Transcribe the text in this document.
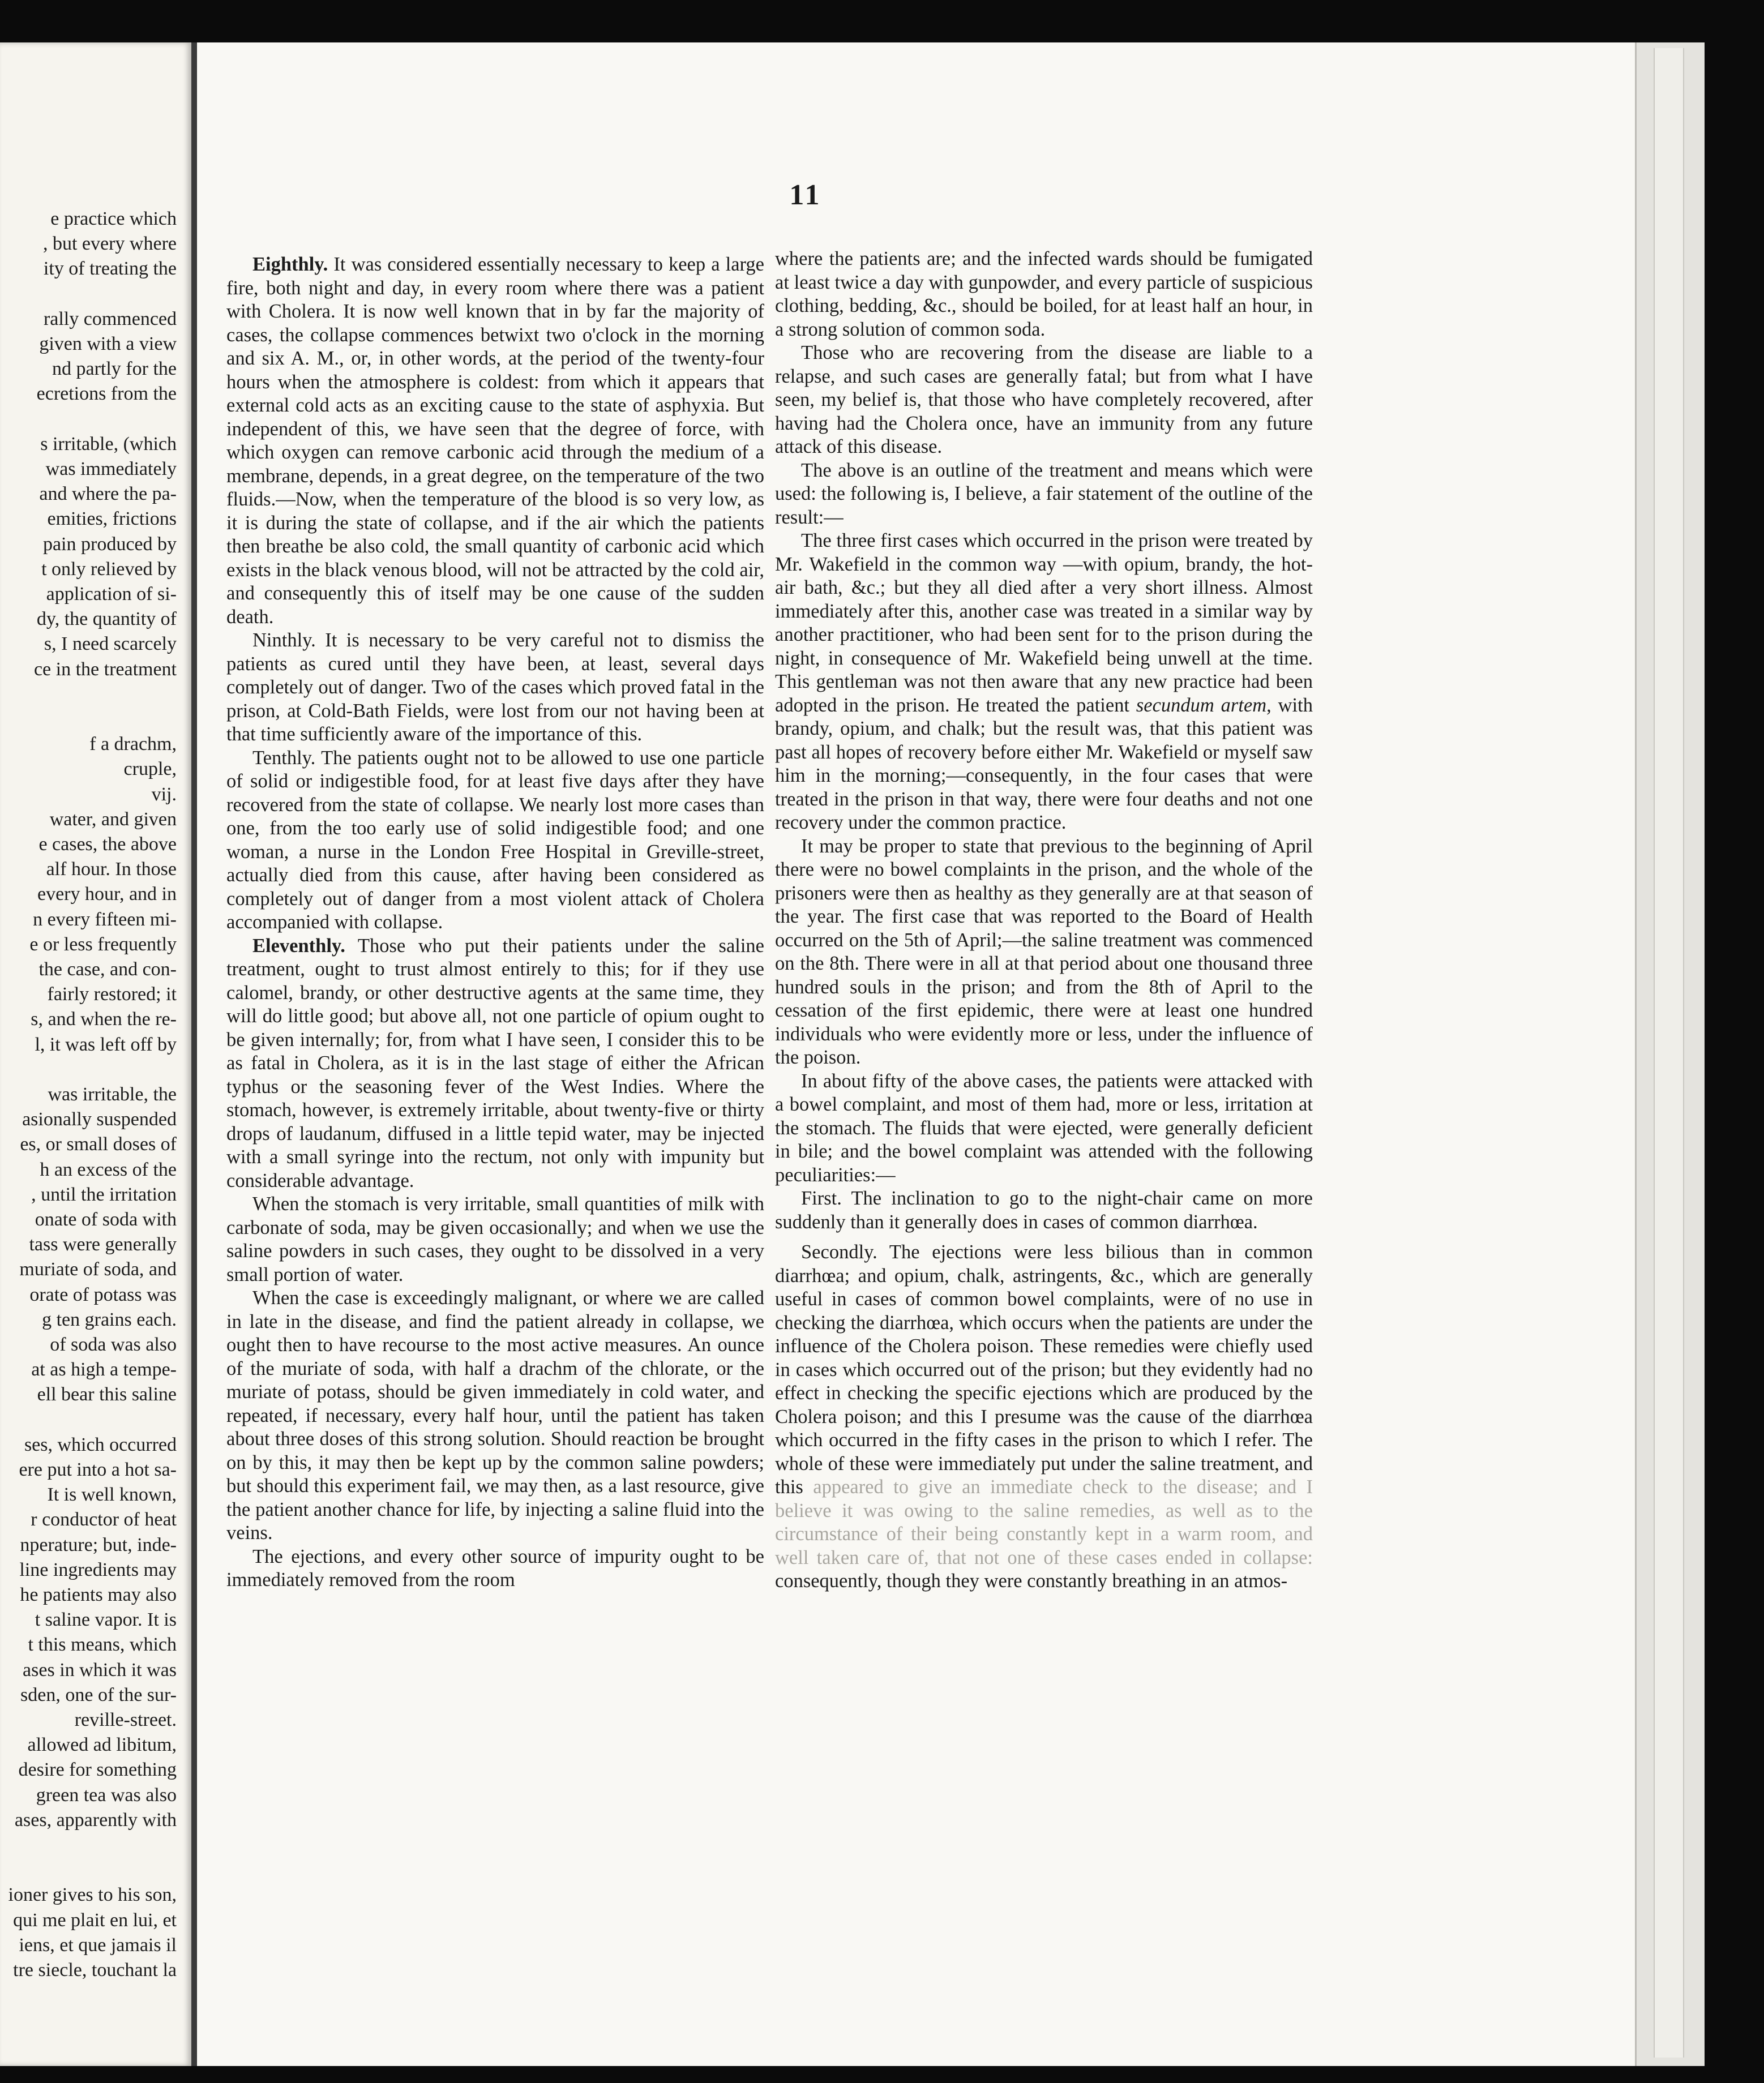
e practice which
, but every where
ity of treating the
rally commenced
given with a view
nd partly for the
ecretions from the
s irritable, (which
was immediately
and where the pa-
emities, frictions
pain produced by
t only relieved by
application of si-
dy, the quantity of
s, I need scarcely
ce in the treatment
f a drachm,
cruple,
vij.
water, and given
e cases, the above
alf hour. In those
every hour, and in
n every fifteen mi-
e or less frequently
the case, and con-
fairly restored; it
s, and when the re-
l, it was left off by
was irritable, the
asionally suspended
es, or small doses of
h an excess of the
, until the irritation
onate of soda with
tass were generally
muriate of soda, and
orate of potass was
g ten grains each.
of soda was also
at as high a tempe-
ell bear this saline
ses, which occurred
ere put into a hot sa-
It is well known,
r conductor of heat
nperature; but, inde-
line ingredients may
he patients may also
t saline vapor. It is
t this means, which
ases in which it was
sden, one of the sur-
reville-street.
allowed ad libitum,
desire for something
green tea was also
ases, apparently with
ioner gives to his son,
qui me plait en lui, et
iens, et que jamais il
tre siecle, touchant la
11

Eighthly. It was considered essentially necessary to keep a large fire, both night and day, in every room where there was a patient with Cholera. It is now well known that in by far the majority of cases, the collapse commences betwixt two o'clock in the morning and six A. M., or, in other words, at the period of the twenty-four hours when the atmosphere is coldest: from which it appears that external cold acts as an exciting cause to the state of asphyxia. But independent of this, we have seen that the degree of force, with which oxygen can remove carbonic acid through the medium of a membrane, depends, in a great degree, on the temperature of the two fluids.—Now, when the temperature of the blood is so very low, as it is during the state of collapse, and if the air which the patients then breathe be also cold, the small quantity of carbonic acid which exists in the black venous blood, will not be attracted by the cold air, and consequently this of itself may be one cause of the sudden death.

Ninthly. It is necessary to be very careful not to dismiss the patients as cured until they have been, at least, several days completely out of danger. Two of the cases which proved fatal in the prison, at Cold-Bath Fields, were lost from our not having been at that time sufficiently aware of the importance of this.

Tenthly. The patients ought not to be allowed to use one particle of solid or indigestible food, for at least five days after they have recovered from the state of collapse. We nearly lost more cases than one, from the too early use of solid indigestible food; and one woman, a nurse in the London Free Hospital in Greville-street, actually died from this cause, after having been considered as completely out of danger from a most violent attack of Cholera accompanied with collapse.

Eleventhly. Those who put their patients under the saline treatment, ought to trust almost entirely to this; for if they use calomel, brandy, or other destructive agents at the same time, they will do little good; but above all, not one particle of opium ought to be given internally; for, from what I have seen, I consider this to be as fatal in Cholera, as it is in the last stage of either the African typhus or the seasoning fever of the West Indies. Where the stomach, however, is extremely irritable, about twenty-five or thirty drops of laudanum, diffused in a little tepid water, may be injected with a small syringe into the rectum, not only with impunity but considerable advantage.

When the stomach is very irritable, small quantities of milk with carbonate of soda, may be given occasionally; and when we use the saline powders in such cases, they ought to be dissolved in a very small portion of water.

When the case is exceedingly malignant, or where we are called in late in the disease, and find the patient already in collapse, we ought then to have recourse to the most active measures. An ounce of the muriate of soda, with half a drachm of the chlorate, or the muriate of potass, should be given immediately in cold water, and repeated, if necessary, every half hour, until the patient has taken about three doses of this strong solution. Should reaction be brought on by this, it may then be kept up by the common saline powders; but should this experiment fail, we may then, as a last resource, give the patient another chance for life, by injecting a saline fluid into the veins.

The ejections, and every other source of impurity ought to be immediately removed from the room

where the patients are; and the infected wards should be fumigated at least twice a day with gunpowder, and every particle of suspicious clothing, bedding, &c., should be boiled, for at least half an hour, in a strong solution of common soda.

Those who are recovering from the disease are liable to a relapse, and such cases are generally fatal; but from what I have seen, my belief is, that those who have completely recovered, after having had the Cholera once, have an immunity from any future attack of this disease.

The above is an outline of the treatment and means which were used: the following is, I believe, a fair statement of the outline of the result:—

The three first cases which occurred in the prison were treated by Mr. Wakefield in the common way —with opium, brandy, the hot-air bath, &c.; but they all died after a very short illness. Almost immediately after this, another case was treated in a similar way by another practitioner, who had been sent for to the prison during the night, in consequence of Mr. Wakefield being unwell at the time. This gentleman was not then aware that any new practice had been adopted in the prison. He treated the patient secundum artem, with brandy, opium, and chalk; but the result was, that this patient was past all hopes of recovery before either Mr. Wakefield or myself saw him in the morning;—consequently, in the four cases that were treated in the prison in that way, there were four deaths and not one recovery under the common practice.

It may be proper to state that previous to the beginning of April there were no bowel complaints in the prison, and the whole of the prisoners were then as healthy as they generally are at that season of the year. The first case that was reported to the Board of Health occurred on the 5th of April;—the saline treatment was commenced on the 8th. There were in all at that period about one thousand three hundred souls in the prison; and from the 8th of April to the cessation of the first epidemic, there were at least one hundred individuals who were evidently more or less, under the influence of the poison.

In about fifty of the above cases, the patients were attacked with a bowel complaint, and most of them had, more or less, irritation at the stomach. The fluids that were ejected, were generally deficient in bile; and the bowel complaint was attended with the following peculiarities:—

First. The inclination to go to the night-chair came on more suddenly than it generally does in cases of common diarrhœa.

Secondly. The ejections were less bilious than in common diarrhœa; and opium, chalk, astringents, &c., which are generally useful in cases of common bowel complaints, were of no use in checking the diarrhœa, which occurs when the patients are under the influence of the Cholera poison. These remedies were chiefly used in cases which occurred out of the prison; but they evidently had no effect in checking the specific ejections which are produced by the Cholera poison; and this I presume was the cause of the diarrhœa which occurred in the fifty cases in the prison to which I refer. The whole of these were immediately put under the saline treatment, and this appeared to give an immediate check to the disease; and I believe it was owing to the saline remedies, as well as to the circumstance of their being constantly kept in a warm room, and well taken care of, that not one of these cases ended in collapse: consequently, though they were constantly breathing in an atmos-
